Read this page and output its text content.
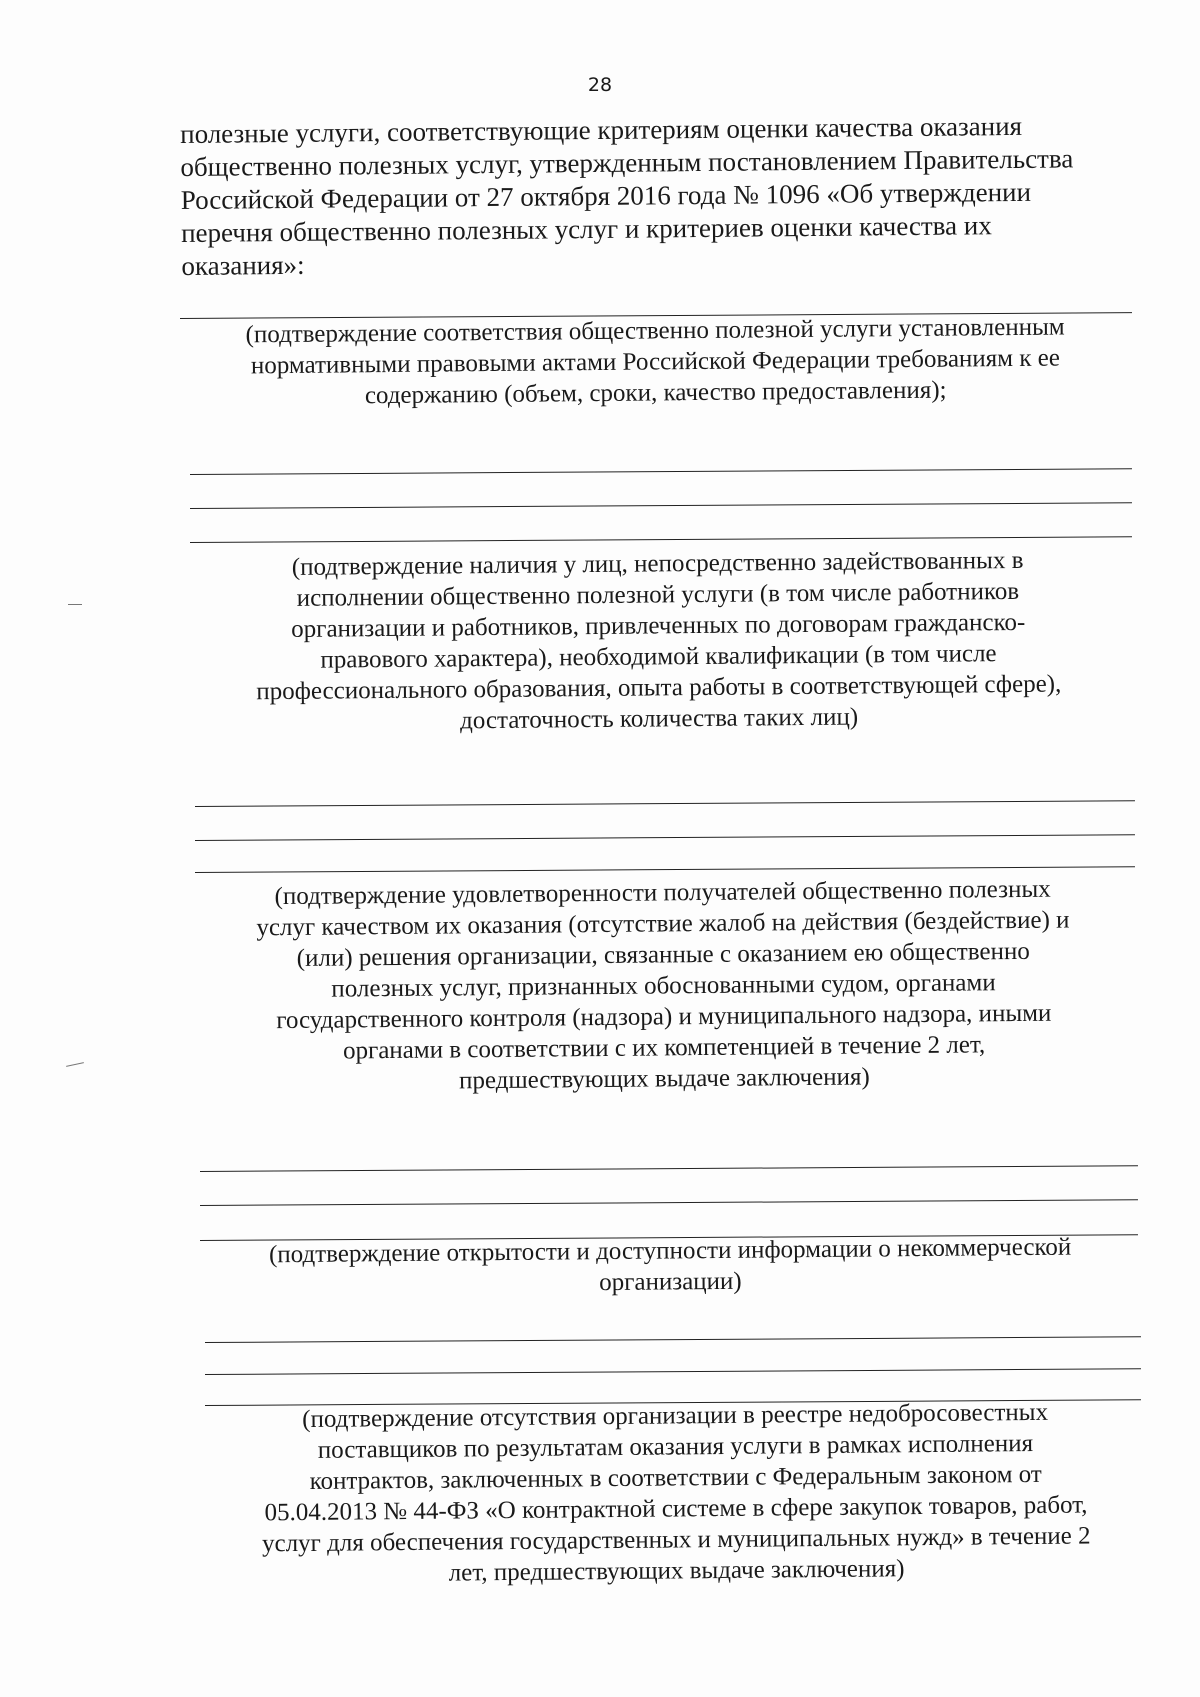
28
полезные услуги, соответствующие критериям оценки качества оказания
общественно полезных услуг, утвержденным постановлением Правительства
Российской Федерации от 27 октября 2016 года № 1096 «Об утверждении
перечня общественно полезных услуг и критериев оценки качества их
оказания»:
(подтверждение соответствия общественно полезной услуги установленным
нормативными правовыми актами Российской Федерации требованиям к ее
содержанию (объем, сроки, качество предоставления);
(подтверждение наличия у лиц, непосредственно задействованных в
исполнении общественно полезной услуги (в том числе работников
организации и работников, привлеченных по договорам гражданско-
правового характера), необходимой квалификации (в том числе
профессионального образования, опыта работы в соответствующей сфере),
достаточность количества таких лиц)
(подтверждение удовлетворенности получателей общественно полезных
услуг качеством их оказания (отсутствие жалоб на действия (бездействие) и
(или) решения организации, связанные с оказанием ею общественно
полезных услуг, признанных обоснованными судом, органами
государственного контроля (надзора) и муниципального надзора, иными
органами в соответствии с их компетенцией в течение 2 лет,
предшествующих выдаче заключения)
(подтверждение открытости и доступности информации о некоммерческой
организации)
(подтверждение отсутствия организации в реестре недобросовестных
поставщиков по результатам оказания услуги в рамках исполнения
контрактов, заключенных в соответствии с Федеральным законом от
05.04.2013 № 44-ФЗ «О контрактной системе в сфере закупок товаров, работ,
услуг для обеспечения государственных и муниципальных нужд» в течение 2
лет, предшествующих выдаче заключения)
